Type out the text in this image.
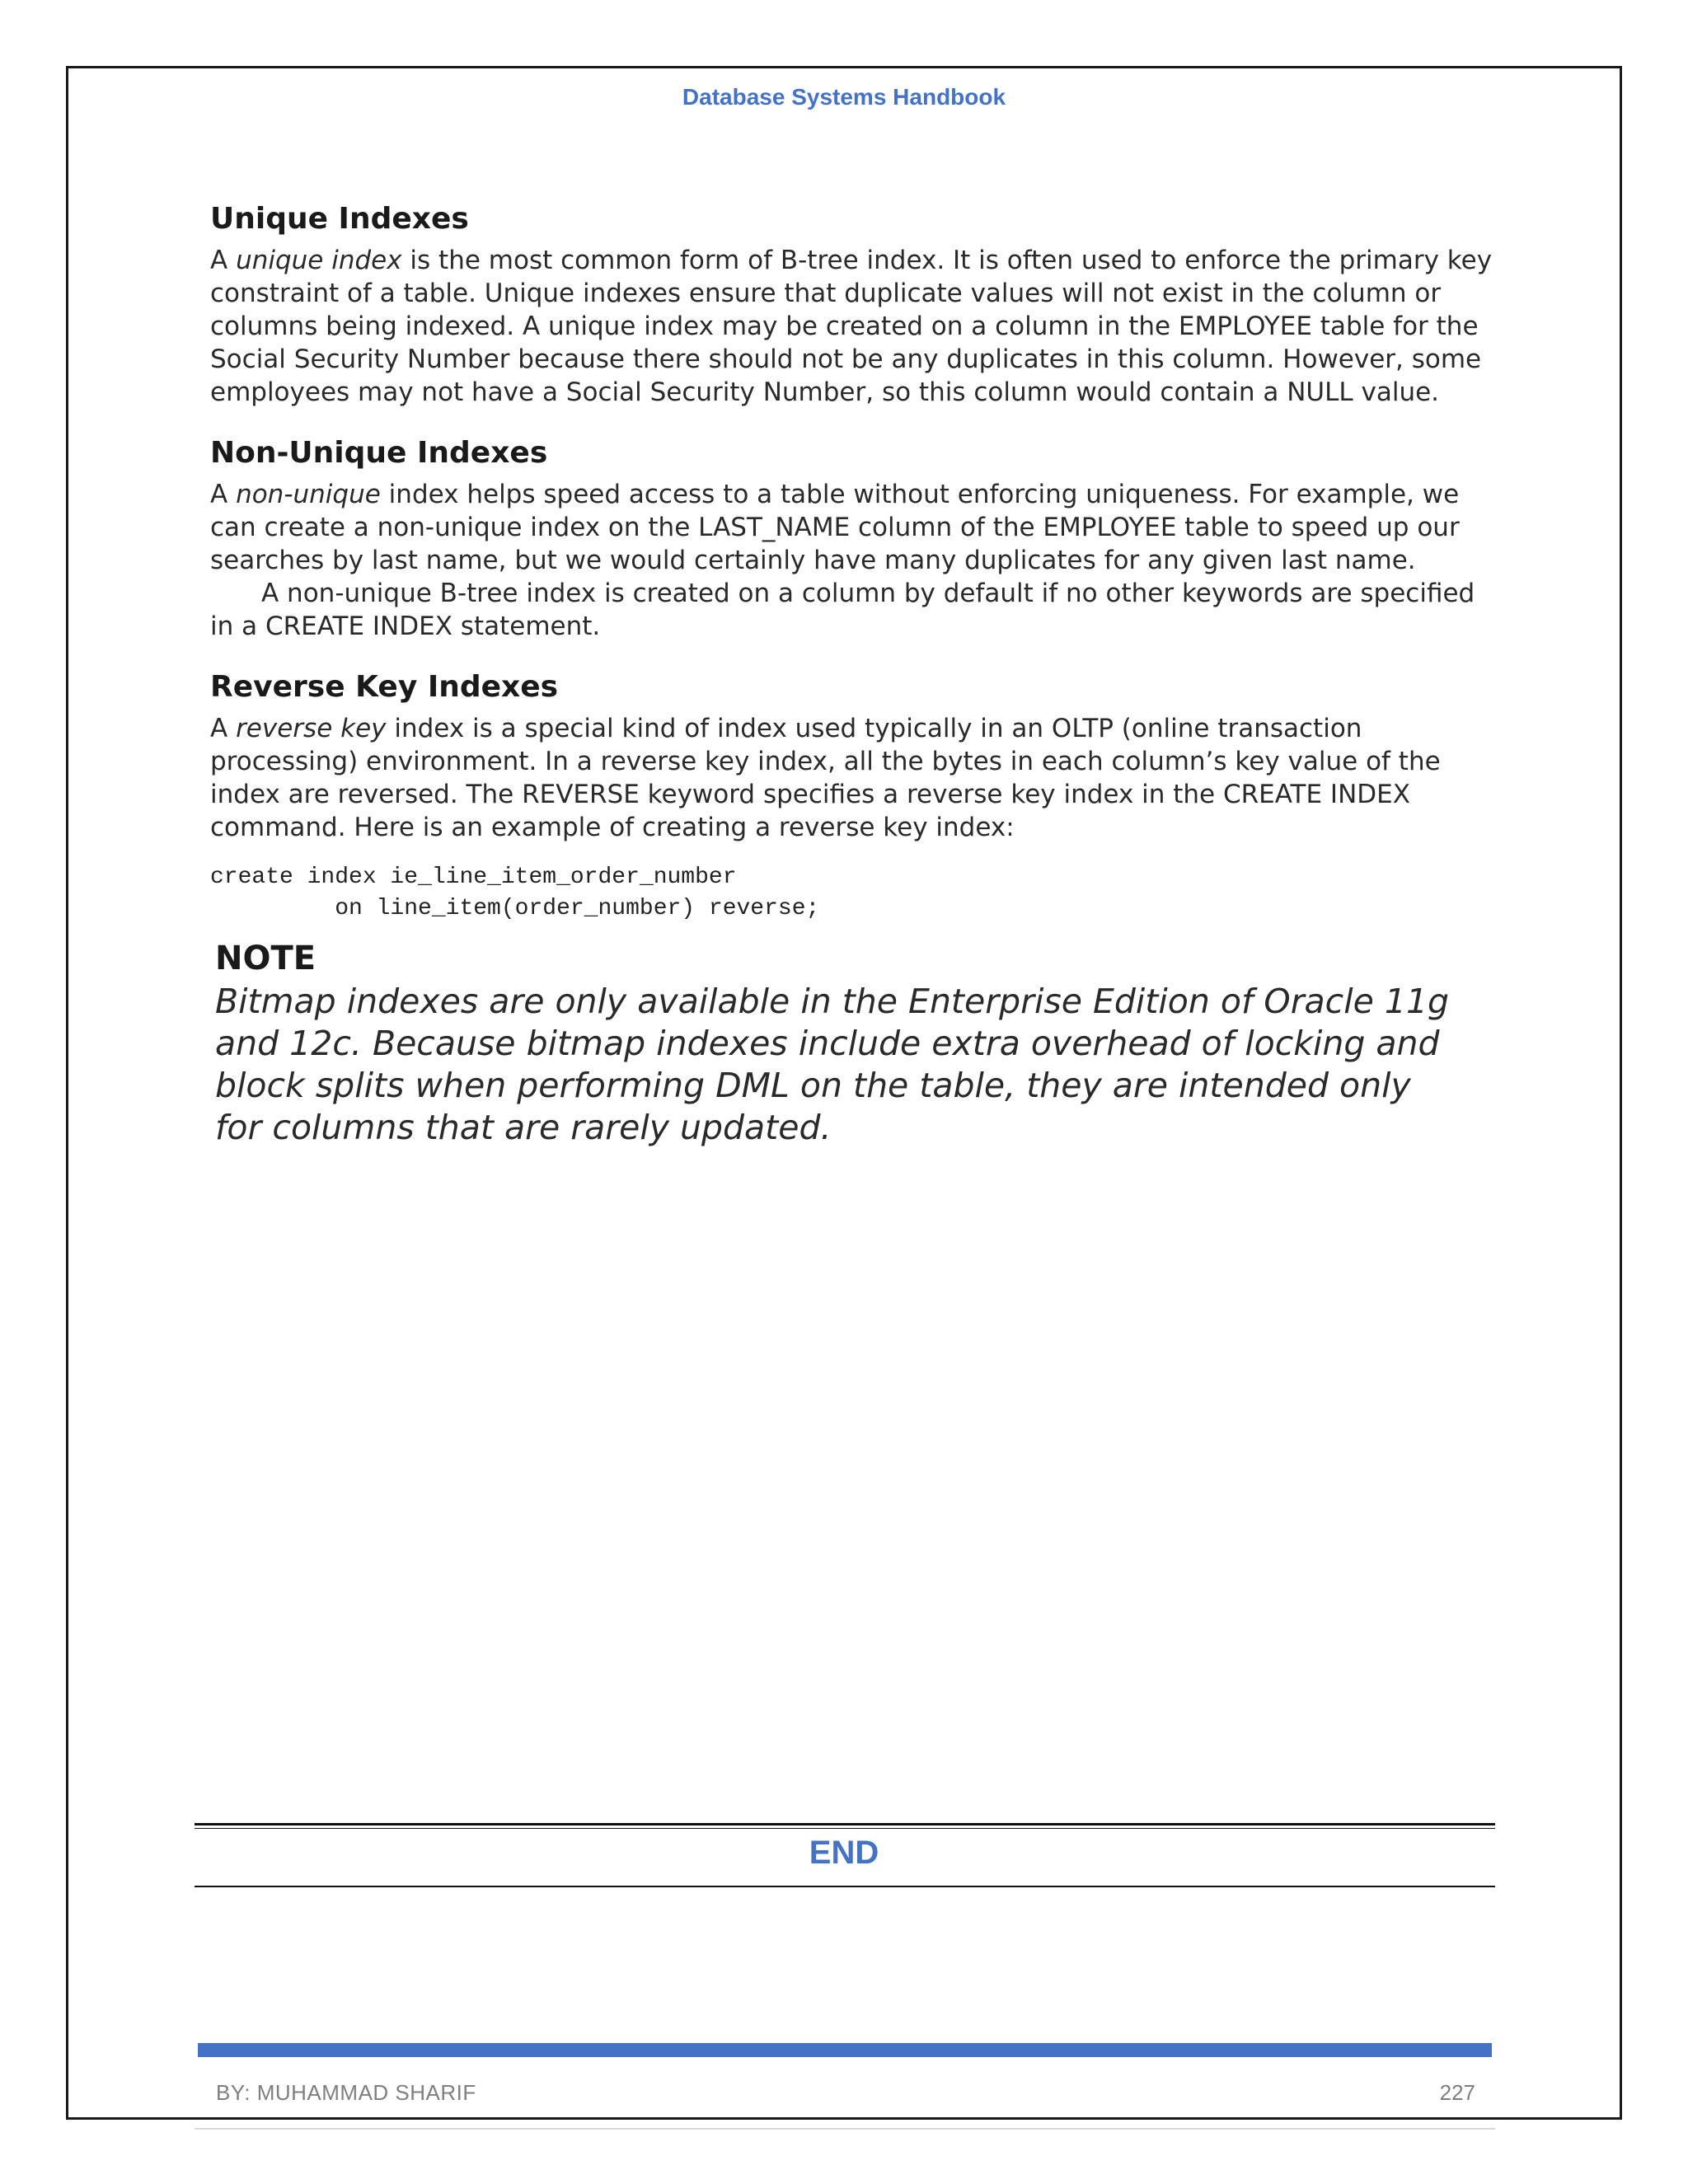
Database Systems Handbook
Unique Indexes

A unique index is the most common form of B-tree index. It is often used to enforce the primary key constraint of a table. Unique indexes ensure that duplicate values will not exist in the column or columns being indexed. A unique index may be created on a column in the EMPLOYEE table for the Social Security Number because there should not be any duplicates in this column. However, some employees may not have a Social Security Number, so this column would contain a NULL value.

Non-Unique Indexes

A non-unique index helps speed access to a table without enforcing uniqueness. For example, we can create a non-unique index on the LAST_NAME column of the EMPLOYEE table to speed up our searches by last name, but we would certainly have many duplicates for any given last name.

A non-unique B-tree index is created on a column by default if no other keywords are specified in a CREATE INDEX statement.

Reverse Key Indexes

A reverse key index is a special kind of index used typically in an OLTP (online transaction processing) environment. In a reverse key index, all the bytes in each column’s key value of the index are reversed. The REVERSE keyword specifies a reverse key index in the CREATE INDEX command. Here is an example of creating a reverse key index:

create index ie_line_item_order_number
on line_item(order_number) reverse;
NOTE

Bitmap indexes are only available in the Enterprise Edition of Oracle 11g and 12c. Because bitmap indexes include extra overhead of locking and block splits when performing DML on the table, they are intended only for columns that are rarely updated.

END
BY: MUHAMMAD SHARIF	227
